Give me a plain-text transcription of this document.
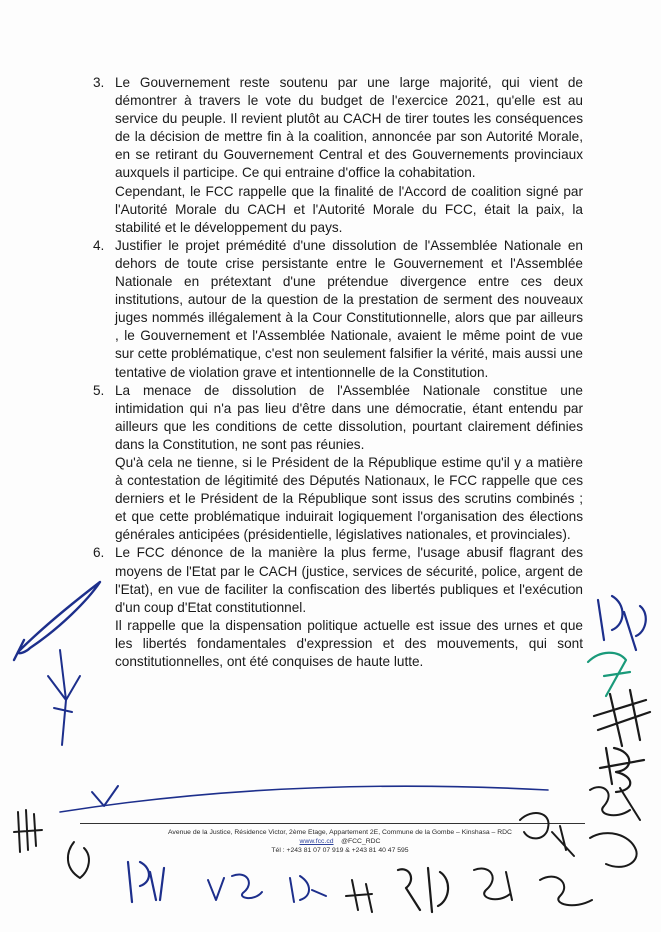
3. Le Gouvernement reste soutenu par une large majorité, qui vient de démontrer à travers le vote du budget de l'exercice 2021, qu'elle est au service du peuple. Il revient plutôt au CACH de tirer toutes les conséquences de la décision de mettre fin à la coalition, annoncée par son Autorité Morale, en se retirant du Gouvernement Central et des Gouvernements provinciaux auxquels il participe. Ce qui entraine d'office la cohabitation.

Cependant, le FCC rappelle que la finalité de l'Accord de coalition signé par l'Autorité Morale du CACH et l'Autorité Morale du FCC, était la paix, la stabilité et le développement du pays.

4. Justifier le projet prémédité d'une dissolution de l'Assemblée Nationale en dehors de toute crise persistante entre le Gouvernement et l'Assemblée Nationale en prétextant d'une prétendue divergence entre ces deux institutions, autour de la question de la prestation de serment des nouveaux juges nommés illégalement à la Cour Constitutionnelle, alors que par ailleurs , le Gouvernement et l'Assemblée Nationale, avaient le même point de vue sur cette problématique, c'est non seulement falsifier la vérité, mais aussi une tentative de violation grave et intentionnelle de la Constitution.

5. La menace de dissolution de l'Assemblée Nationale constitue une intimidation qui n'a pas lieu d'être dans une démocratie, étant entendu par ailleurs que les conditions de cette dissolution, pourtant clairement définies dans la Constitution, ne sont pas réunies.

Qu'à cela ne tienne, si le Président de la République estime qu'il y a matière à contestation de légitimité des Députés Nationaux, le FCC rappelle que ces derniers et le Président de la République sont issus des scrutins combinés ; et que cette problématique induirait logiquement l'organisation des élections générales anticipées (présidentielle, législatives nationales, et provinciales).

6. Le FCC dénonce de la manière la plus ferme, l'usage abusif flagrant des moyens de l'Etat par le CACH (justice, services de sécurité, police, argent de l'Etat), en vue de faciliter la confiscation des libertés publiques et l'exécution d'un coup d'Etat constitutionnel.

Il rappelle que la dispensation politique actuelle est issue des urnes et que les libertés fondamentales d'expression et des mouvements, qui sont constitutionnelles, ont été conquises de haute lutte.

Avenue de la Justice, Résidence Victor, 2ème Etage, Appartement 2E, Commune de la Gombe – Kinshasa – RDC
www.fcc.cd @FCC_RDC
Tél : +243 81 07 07 919 & +243 81 40 47 595
